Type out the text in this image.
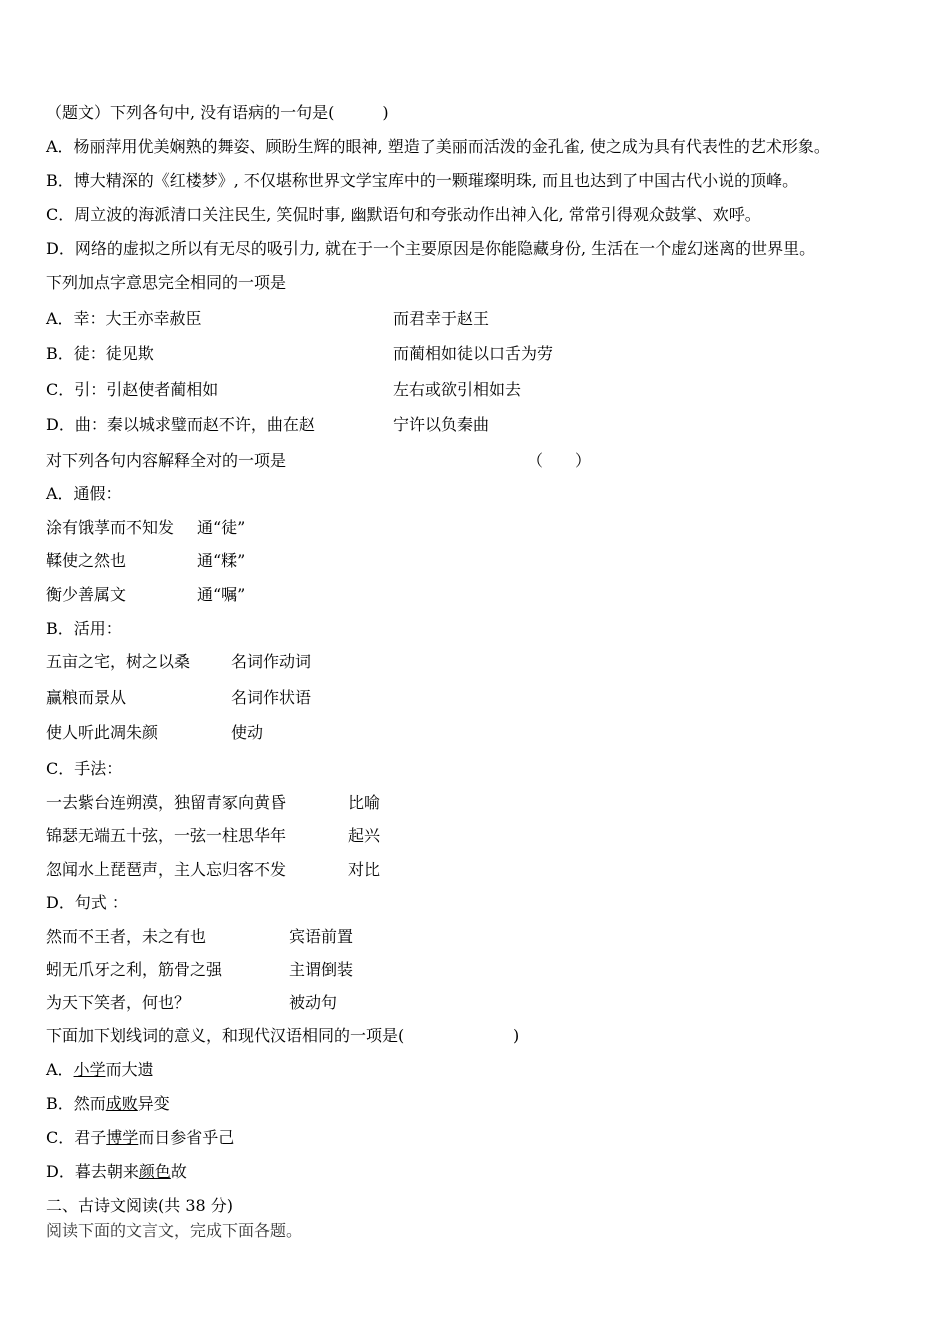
（题文）下列各句中, 没有语病的一句是(　　　)
A．杨丽萍用优美娴熟的舞姿、顾盼生辉的眼神, 塑造了美丽而活泼的金孔雀, 使之成为具有代表性的艺术形象。
B．博大精深的《红楼梦》, 不仅堪称世界文学宝库中的一颗璀璨明珠, 而且也达到了中国古代小说的顶峰。
C．周立波的海派清口关注民生, 笑侃时事, 幽默语句和夸张动作出神入化, 常常引得观众鼓掌、欢呼。
D．网络的虚拟之所以有无尽的吸引力, 就在于一个主要原因是你能隐藏身份, 生活在一个虚幻迷离的世界里。
下列加点字意思完全相同的一项是
A．幸：大王亦幸赦臣	而君幸于赵王
B．徒：徒见欺	而蔺相如徒以口舌为劳
C．引：引赵使者蔺相如	左右或欲引相如去
D．曲：秦以城求璧而赵不许，曲在赵	宁许以负秦曲
对下列各句内容解释全对的一项是	（　　）
A．通假：
涂有饿莩而不知发 通“徒”
鞣使之然也	通“糅”
衡少善属文	通“嘱”
B．活用：
五亩之宅，树之以桑	名词作动词
赢粮而景从	名词作状语
使人听此凋朱颜	使动
C．手法：
一去紫台连朔漠，独留青冢向黄昏	比喻
锦瑟无端五十弦，一弦一柱思华年	起兴
忽闻水上琵琶声，主人忘归客不发	对比
D．句式 ：
然而不王者，未之有也	宾语前置
蚓无爪牙之利，筋骨之强	主谓倒装
为天下笑者，何也？	被动句
下面加下划线词的意义，和现代汉语相同的一项是(	)
A．小学而大遗
B．然而成败异变
C．君子博学而日参省乎己
D．暮去朝来颜色故
二、古诗文阅读(共 38 分)
阅读下面的文言文，完成下面各题。
